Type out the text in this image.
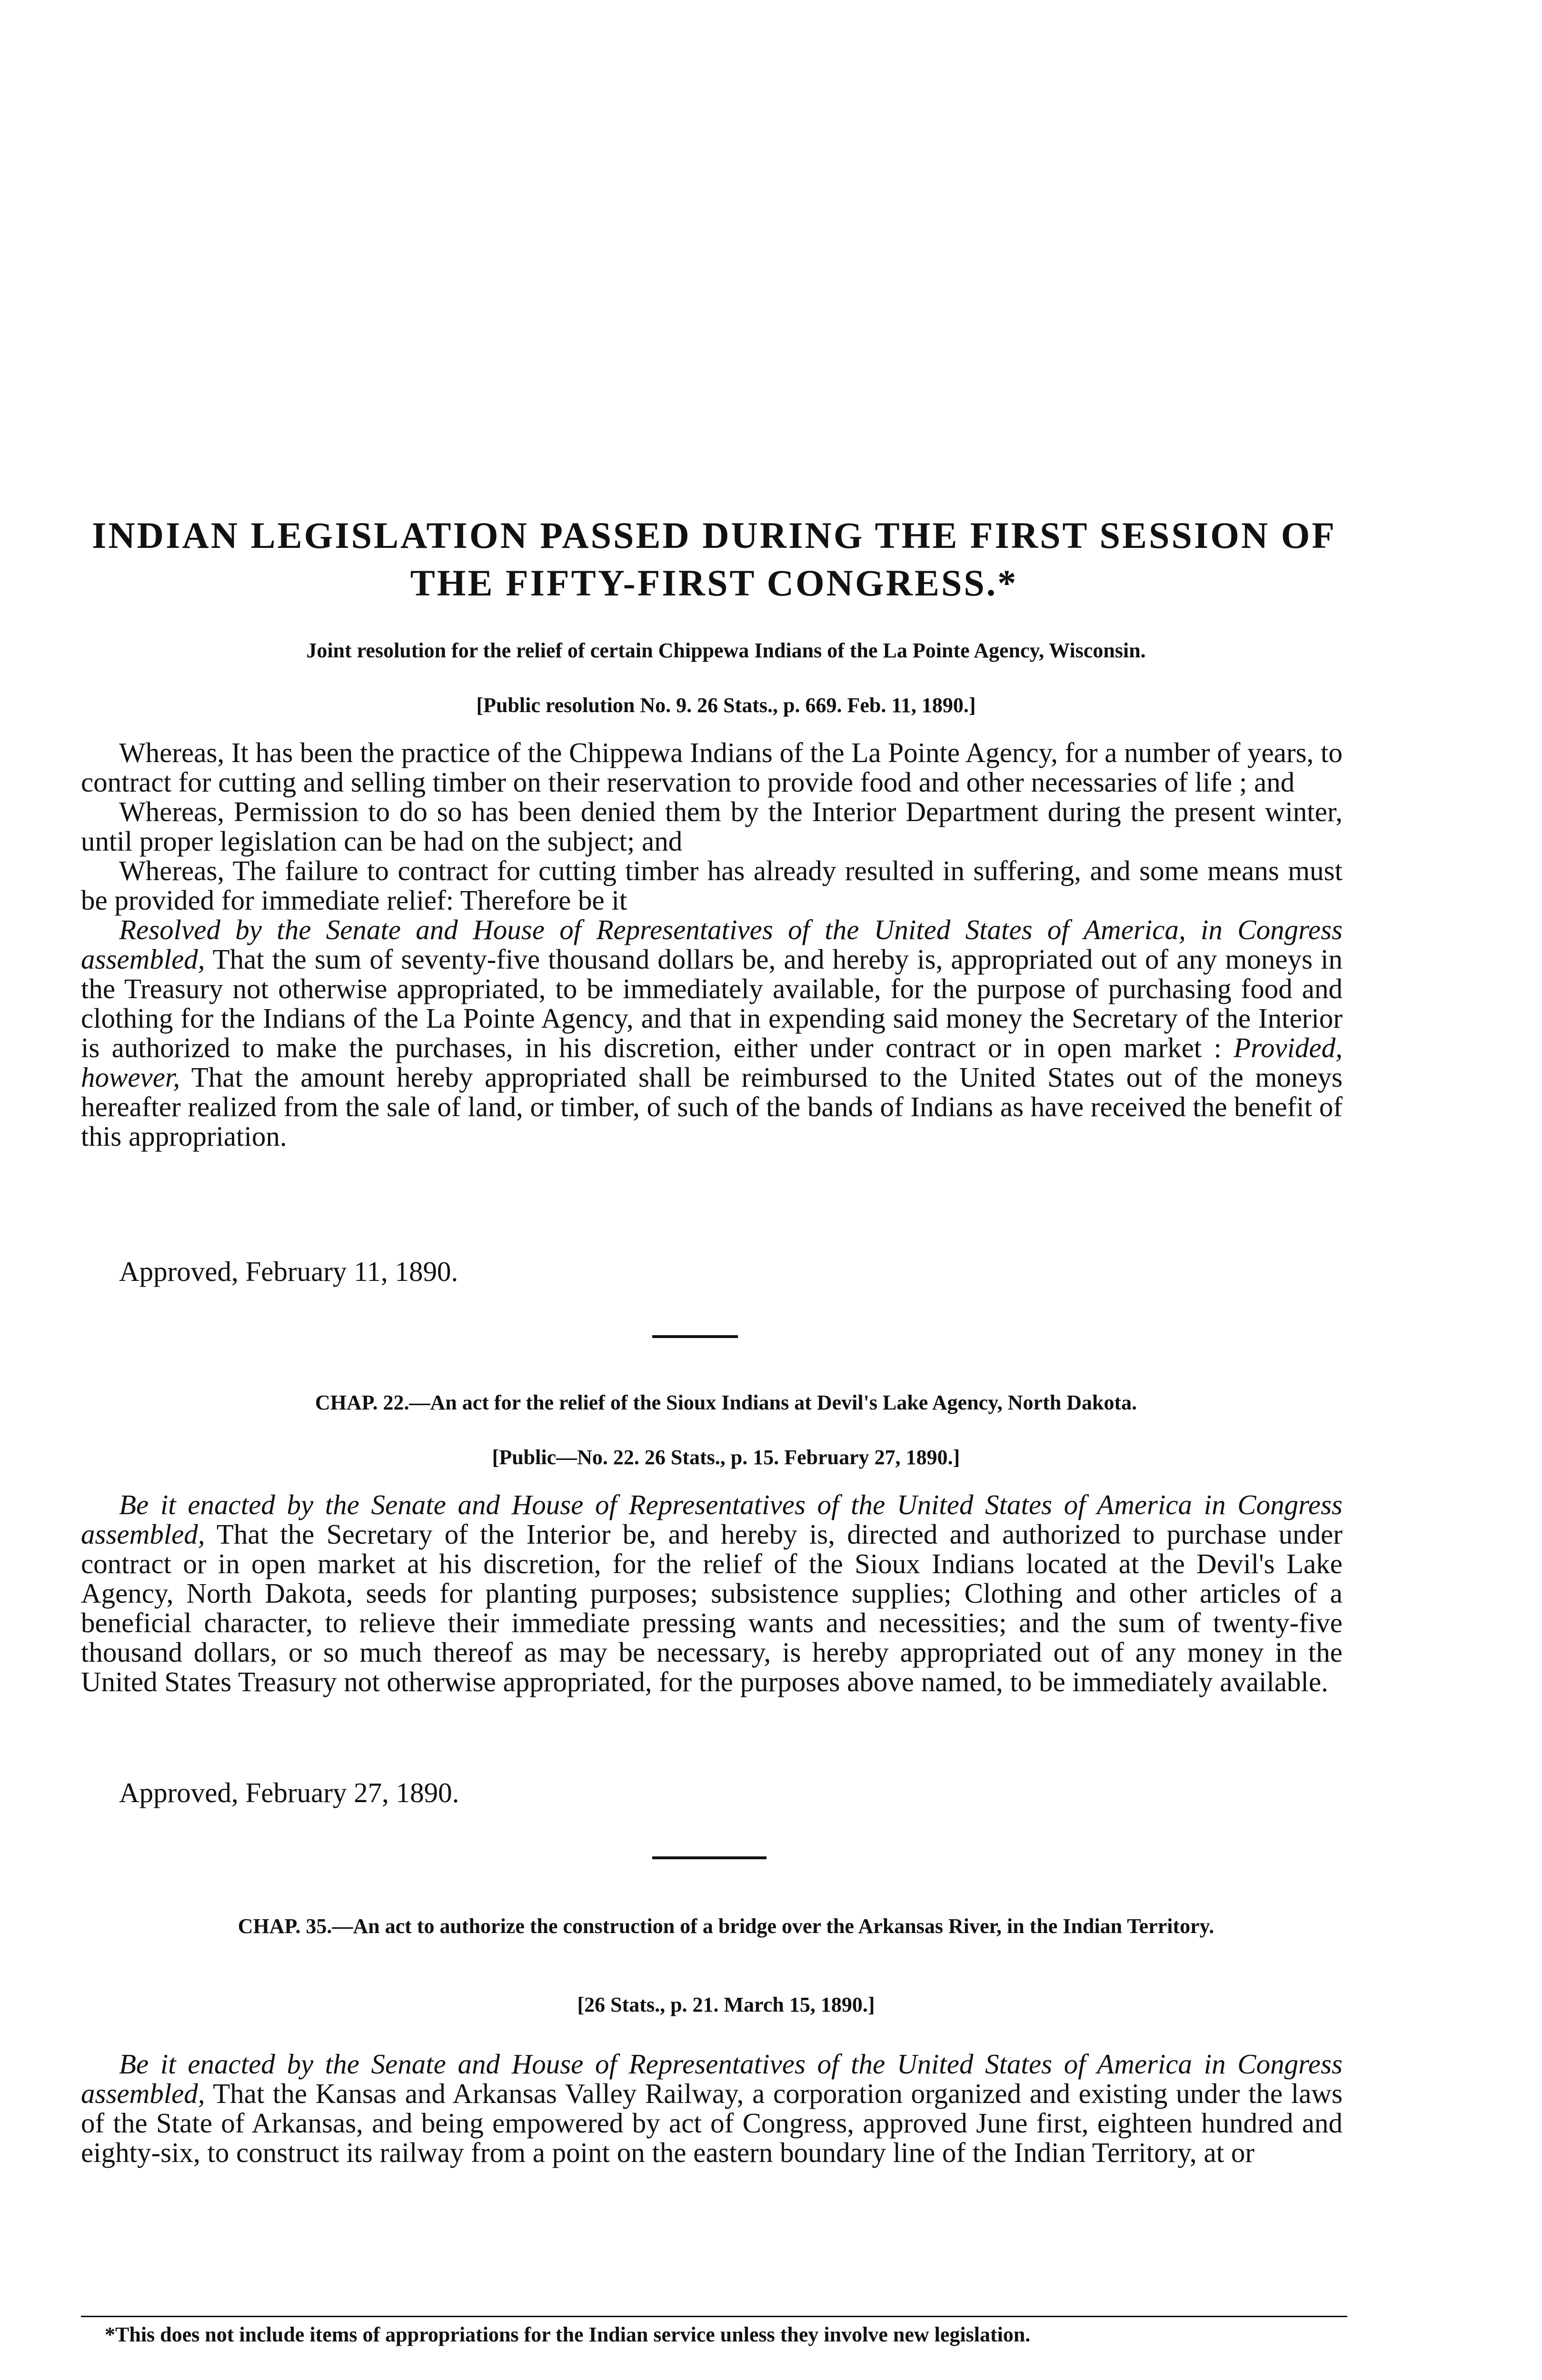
INDIAN LEGISLATION PASSED DURING THE FIRST SESSION OF
THE FIFTY-FIRST CONGRESS.*
Joint resolution for the relief of certain Chippewa Indians of the La Pointe Agency, Wisconsin.
[Public resolution No. 9. 26 Stats., p. 669. Feb. 11, 1890.]

Whereas, It has been the practice of the Chippewa Indians of the La Pointe Agency, for a number of years, to contract for cutting and selling timber on their reservation to provide food and other necessaries of life ; and

Whereas, Permission to do so has been denied them by the Interior Department during the present winter, until proper legislation can be had on the subject; and

Whereas, The failure to contract for cutting timber has already resulted in suffering, and some means must be provided for immediate relief: Therefore be it

Resolved by the Senate and House of Representatives of the United States of America, in Congress assembled, That the sum of seventy-five thousand dollars be, and hereby is, appropriated out of any moneys in the Treasury not otherwise appropriated, to be immediately available, for the purpose of purchasing food and clothing for the Indians of the La Pointe Agency, and that in expending said money the Secretary of the Interior is authorized to make the purchases, in his discretion, either under contract or in open market : Provided, however, That the amount hereby appropriated shall be reimbursed to the United States out of the moneys hereafter realized from the sale of land, or timber, of such of the bands of Indians as have received the benefit of this appropriation.

Approved, February 11, 1890.
CHAP. 22.—An act for the relief of the Sioux Indians at Devil's Lake Agency, North Dakota.
[Public—No. 22. 26 Stats., p. 15. February 27, 1890.]

Be it enacted by the Senate and House of Representatives of the United States of America in Congress assembled, That the Secretary of the Interior be, and hereby is, directed and authorized to purchase under contract or in open market at his discretion, for the relief of the Sioux Indians located at the Devil's Lake Agency, North Dakota, seeds for planting purposes; subsistence supplies; Clothing and other articles of a beneficial character, to relieve their immediate pressing wants and necessities; and the sum of twenty-five thousand dollars, or so much thereof as may be necessary, is hereby appropriated out of any money in the United States Treasury not otherwise appropriated, for the purposes above named, to be immediately available.

Approved, February 27, 1890.
CHAP. 35.—An act to authorize the construction of a bridge over the Arkansas River, in the Indian Territory.
[26 Stats., p. 21. March 15, 1890.]

Be it enacted by the Senate and House of Representatives of the United States of America in Congress assembled, That the Kansas and Arkansas Valley Railway, a corporation organized and existing under the laws of the State of Arkansas, and being empowered by act of Congress, approved June first, eighteen hundred and eighty-six, to construct its railway from a point on the eastern boundary line of the Indian Territory, at or

*This does not include items of appropriations for the Indian service unless they involve new legislation.
